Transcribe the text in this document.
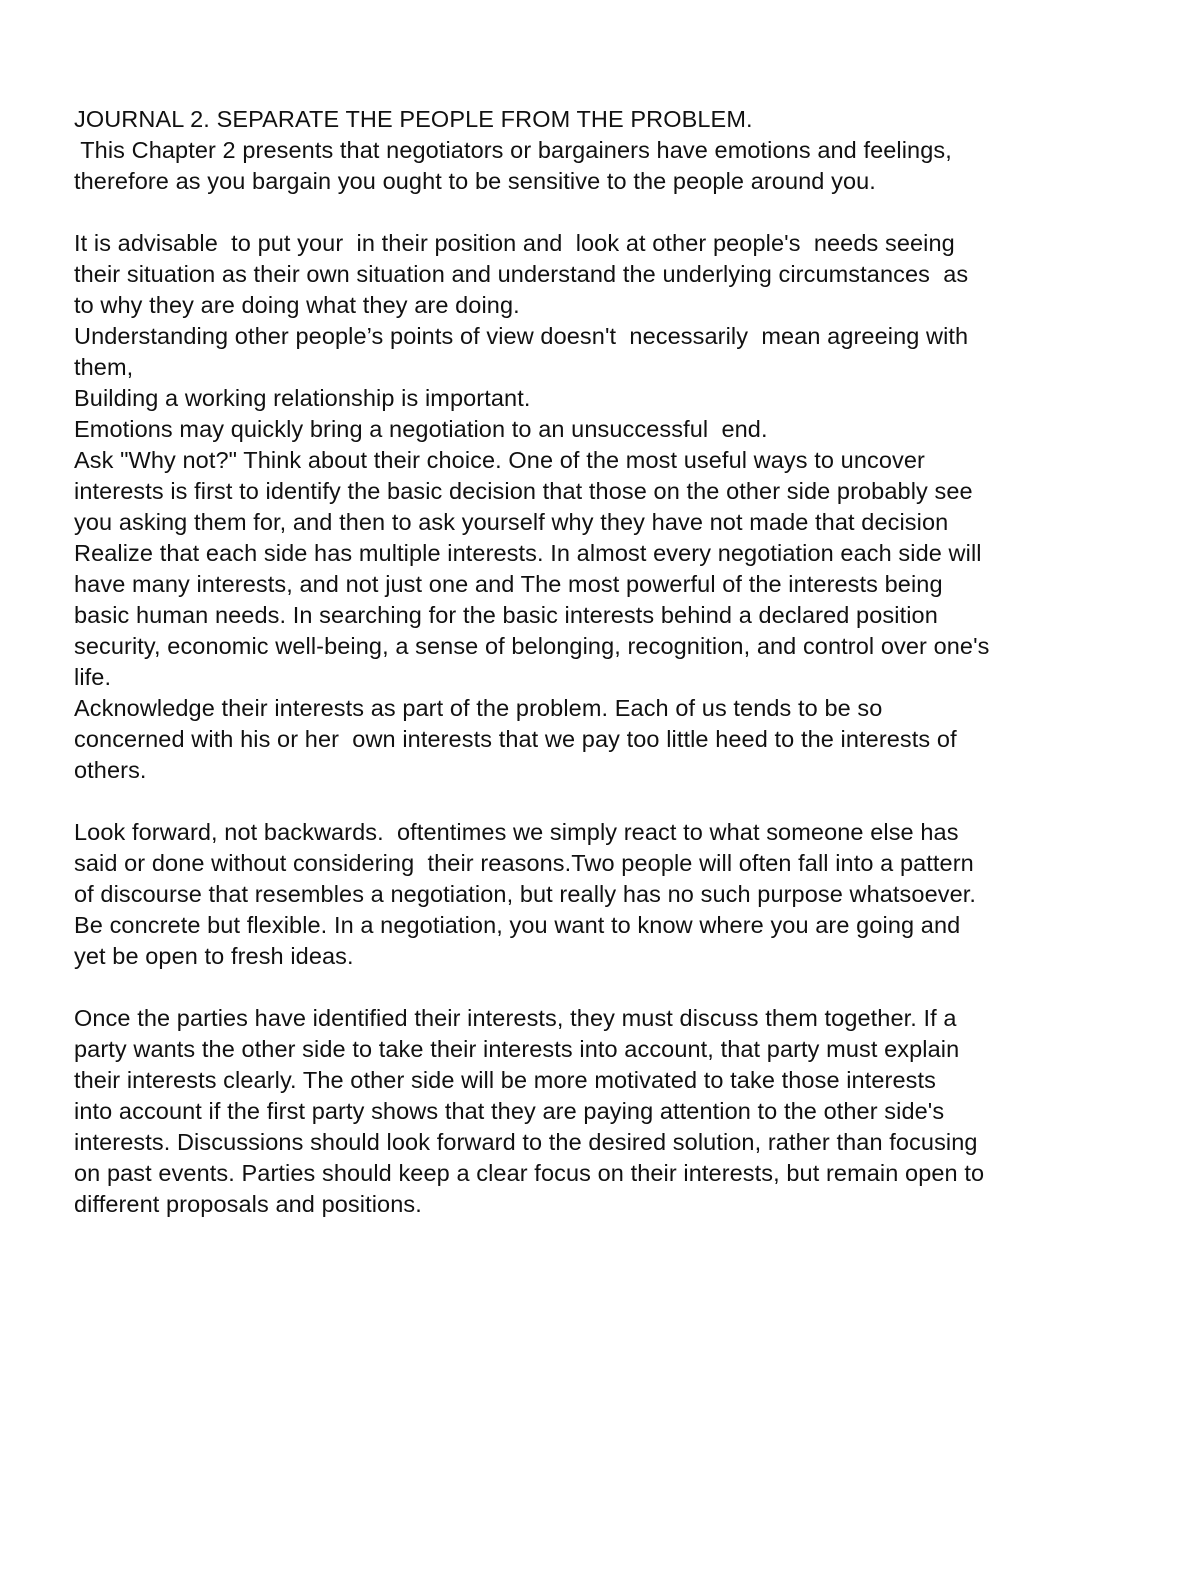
JOURNAL 2. SEPARATE THE PEOPLE FROM THE PROBLEM.
This Chapter 2 presents that negotiators or bargainers have emotions and feelings,
therefore as you bargain you ought to be sensitive to the people around you.
It is advisable  to put your  in their position and  look at other people's  needs seeing
their situation as their own situation and understand the underlying circumstances  as
to why they are doing what they are doing.
Understanding other people’s points of view doesn't  necessarily  mean agreeing with
them,
Building a working relationship is important.
Emotions may quickly bring a negotiation to an unsuccessful  end.
Ask "Why not?" Think about their choice. One of the most useful ways to uncover
interests is first to identify the basic decision that those on the other side probably see
you asking them for, and then to ask yourself why they have not made that decision
Realize that each side has multiple interests. In almost every negotiation each side will
have many interests, and not just one and The most powerful of the interests being
basic human needs. In searching for the basic interests behind a declared position
security, economic well-being, a sense of belonging, recognition, and control over one's
life.
Acknowledge their interests as part of the problem. Each of us tends to be so
concerned with his or her  own interests that we pay too little heed to the interests of
others.
Look forward, not backwards.  oftentimes we simply react to what someone else has
said or done without considering  their reasons.Two people will often fall into a pattern
of discourse that resembles a negotiation, but really has no such purpose whatsoever.
Be concrete but flexible. In a negotiation, you want to know where you are going and
yet be open to fresh ideas.
Once the parties have identified their interests, they must discuss them together. If a
party wants the other side to take their interests into account, that party must explain
their interests clearly. The other side will be more motivated to take those interests
into account if the first party shows that they are paying attention to the other side's
interests. Discussions should look forward to the desired solution, rather than focusing
on past events. Parties should keep a clear focus on their interests, but remain open to
different proposals and positions.
